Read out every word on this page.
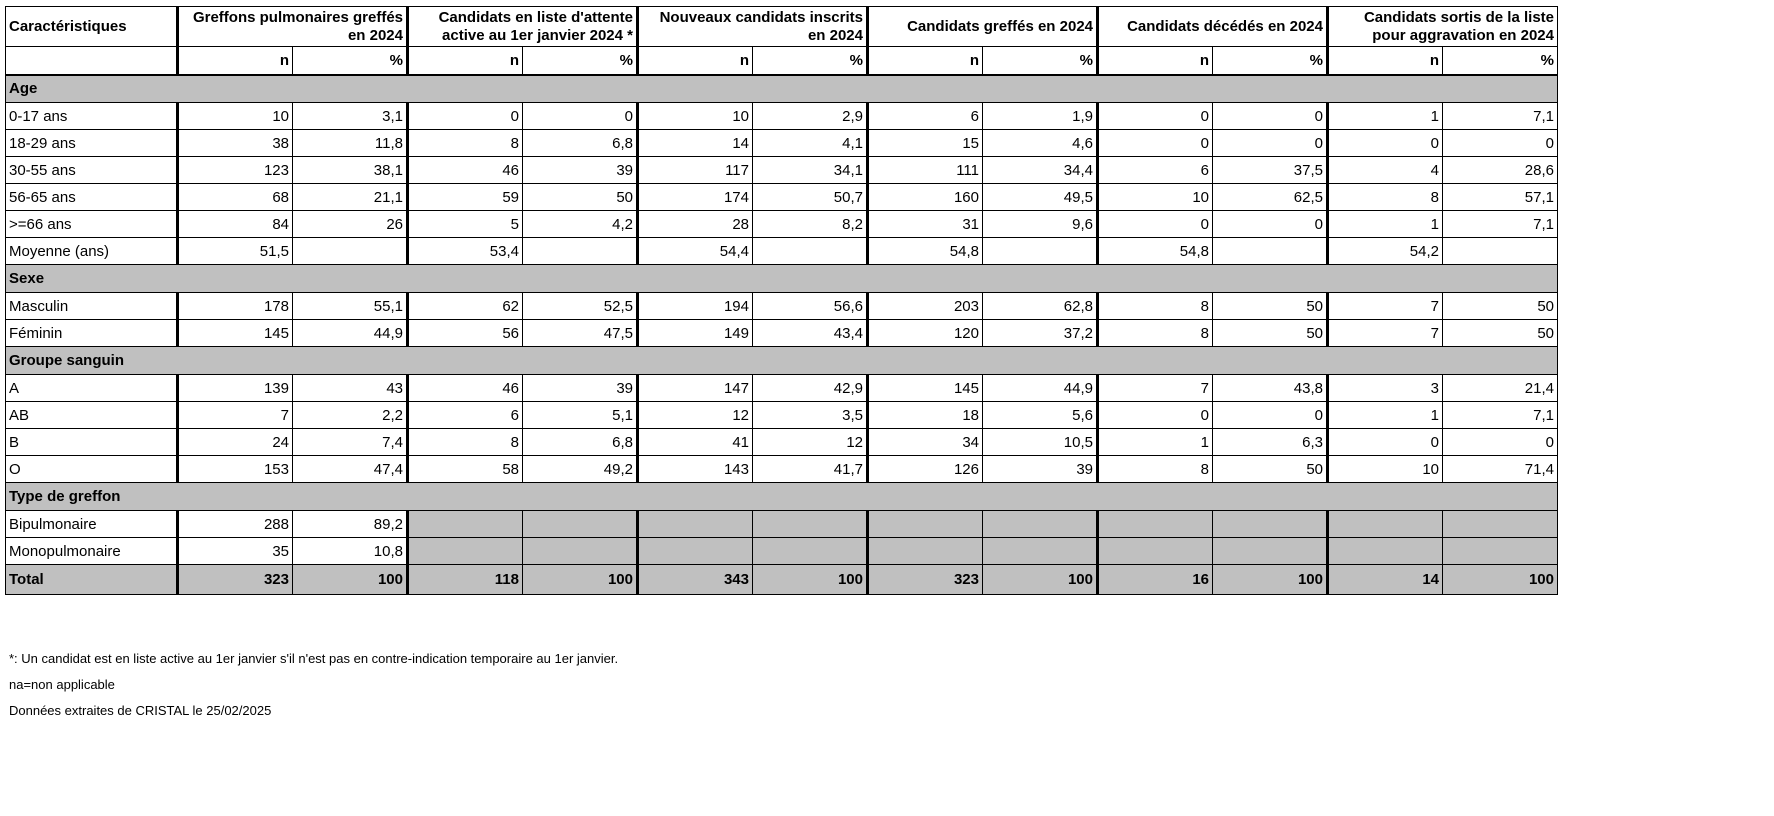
Caractéristiques	Greffons pulmonaires greffés en 2024		Candidats en liste d'attente active au 1er janvier 2024 *		Nouveaux candidats inscrits en 2024		Candidats greffés en 2024		Candidats décédés en 2024		Candidats sortis de la liste pour aggravation en 2024	
	n	%	n	%	n	%	n	%	n	%	n	%
Age												
0-17 ans	10	3,1	0	0	10	2,9	6	1,9	0	0	1	7,1
18-29 ans	38	11,8	8	6,8	14	4,1	15	4,6	0	0	0	0
30-55 ans	123	38,1	46	39	117	34,1	111	34,4	6	37,5	4	28,6
56-65 ans	68	21,1	59	50	174	50,7	160	49,5	10	62,5	8	57,1
>=66 ans	84	26	5	4,2	28	8,2	31	9,6	0	0	1	7,1
Moyenne (ans)	51,5		53,4		54,4		54,8		54,8		54,2	
Sexe												
Masculin	178	55,1	62	52,5	194	56,6	203	62,8	8	50	7	50
Féminin	145	44,9	56	47,5	149	43,4	120	37,2	8	50	7	50
Groupe sanguin												
A	139	43	46	39	147	42,9	145	44,9	7	43,8	3	21,4
AB	7	2,2	6	5,1	12	3,5	18	5,6	0	0	1	7,1
B	24	7,4	8	6,8	41	12	34	10,5	1	6,3	0	0
O	153	47,4	58	49,2	143	41,7	126	39	8	50	10	71,4
Type de greffon												
Bipulmonaire	288	89,2										
Monopulmonaire	35	10,8										
Total	323	100	118	100	343	100	323	100	16	100	14	100
*: Un candidat est en liste active au 1er janvier s'il n'est pas en contre-indication temporaire au 1er janvier.
na=non applicable
Données extraites de CRISTAL le 25/02/2025
